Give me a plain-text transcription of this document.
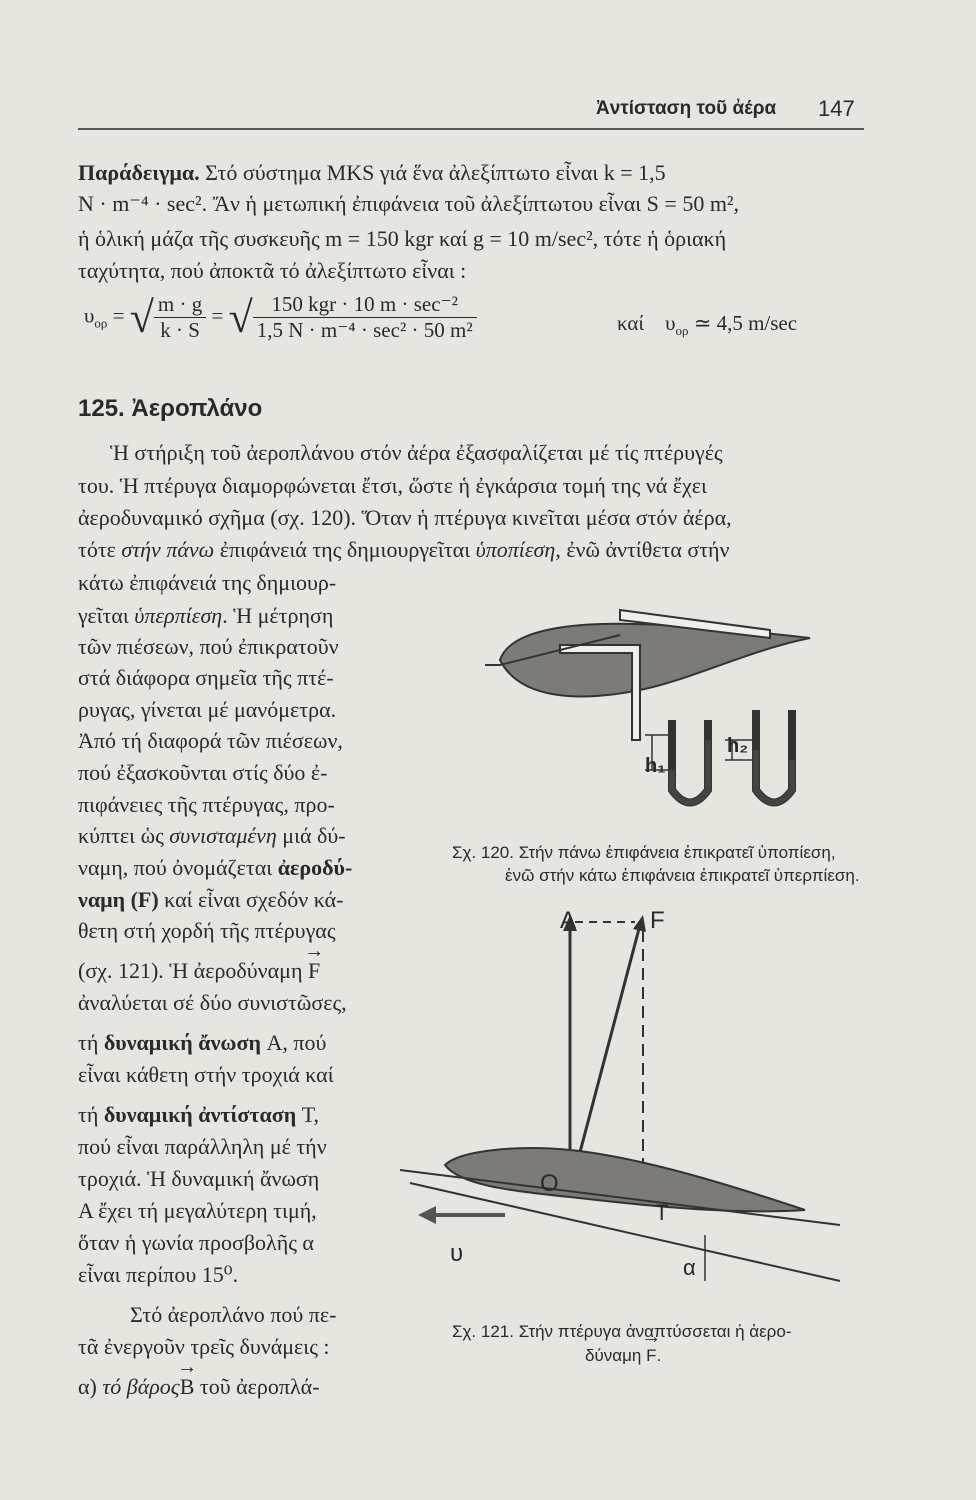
Ἀντίσταση τοῦ ἀέρα 147
Παράδειγμα. Στό σύστημα MKS γιά ἕνα ἀλεξίπτωτο εἶναι k = 1,5
N · m⁻⁴ · sec². Ἄν ἡ μετωπική ἐπιφάνεια τοῦ ἀλεξίπτωτου εἶναι S = 50 m²,
ἡ ὁλική μάζα τῆς συσκευῆς m = 150 kgr καί g = 10 m/sec², τότε ἡ ὁριακή
ταχύτητα, πού ἀποκτᾶ τό ἀλεξίπτωτο εἶναι :
$\upsilon_{o\rho}$ = √ $\frac{m \cdot g}{k \cdot S}$ = √ $\frac{\text{150 kgr · 10 m · sec⁻²}}{\text{1,5 N · m⁻⁴ · sec² · 50 m²}}$	καί $\upsilon_{o\rho}$ ≃ 4,5 m/sec
125. Ἀεροπλάνο
Ἡ στήριξη τοῦ ἀεροπλάνου στόν ἀέρα ἐξασφαλίζεται μέ τίς πτέρυγές
του. Ἡ πτέρυγα διαμορφώνεται ἔτσι, ὥστε ἡ ἐγκάρσια τομή της νά ἔχει
ἀεροδυναμικό σχῆμα (σχ. 120). Ὅταν ἡ πτέρυγα κινεῖται μέσα στόν ἀέρα,
τότε στήν πάνω ἐπιφάνειά της δημιουργεῖται ὑποπίεση, ἐνῶ ἀντίθετα στήν
κάτω ἐπιφάνειά της δημιουρ-
γεῖται ὑπερπίεση. Ἡ μέτρηση
τῶν πιέσεων, πού ἐπικρατοῦν
στά διάφορα σημεῖα τῆς πτέ-
ρυγας, γίνεται μέ μανόμετρα.
Ἀπό τή διαφορά τῶν πιέσεων,
πού ἐξασκοῦνται στίς δύο ἐ-
πιφάνειες τῆς πτέρυγας, προ-
κύπτει ὡς συνισταμένη μιά δύ-
ναμη, πού ὀνομάζεται ἀεροδύ-
ναμη (F) καί εἶναι σχεδόν κά-
θετη στή χορδή τῆς πτέρυγας
(σχ. 121). Ἡ ἀεροδύναμη → F
ἀναλύεται σέ δύο συνιστῶσες,
τή δυναμική ἄνωση A, πού
εἶναι κάθετη στήν τροχιά καί
τή δυναμική ἀντίσταση T,
πού εἶναι παράλληλη μέ τήν
τροχιά. Ἡ δυναμική ἄνωση
A ἔχει τή μεγαλύτερη τιμή,
ὅταν ἡ γωνία προσβολῆς α
εἶναι περίπου 15⁰.
Στό ἀεροπλάνο πού πε-
τᾶ ἐνεργοῦν τρεῖς δυνάμεις :
α) τό βάρος→ B τοῦ ἀεροπλά-
h₁
h₂
Σχ. 120. Στήν πάνω ἐπιφάνεια ἐπικρατεῖ ὑποπίεση,
ἐνῶ στήν κάτω ἐπιφάνεια ἐπικρατεῖ ὑπερπίεση.
A	F
O
T
υ
α
Σχ. 121. Στήν πτέρυγα ἀναπτύσσεται ἡ ἀερο-
δύναμη → F.
